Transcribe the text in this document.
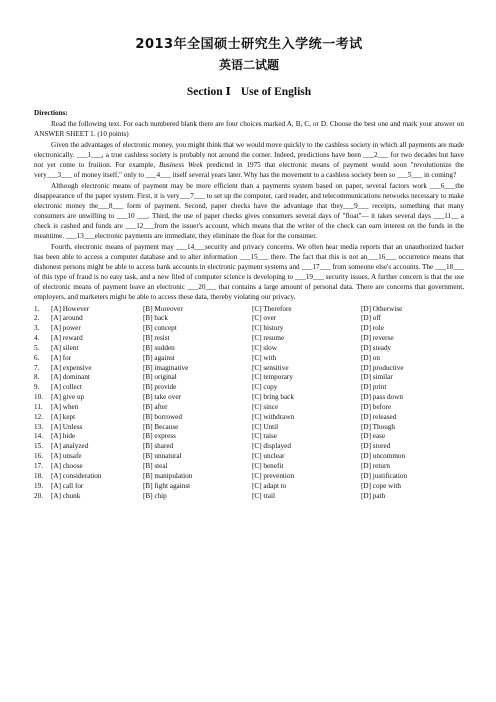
2013年全国硕士研究生入学统一考试
英语二试题
Section Ⅰ Use of English
Directions:

Read the following text. For each numbered blank there are four choices marked A, B, C, or D. Choose the best one and mark your answer on ANSWER SHEET 1. (10 points)

Given the advantages of electronic money, you might think that we would move quickly to the cashless society in which all payments are made electronically. ___1___, a true cashless society is probably not around the corner. Indeed, predictions have been ___2___ for two decades but have not yet come to fruition. For example, Business Week predicted in 1975 that electronic means of payment would soon "revolutionize the very___3___ of money itself," only to ___4___ itself several years later. Why has the movement to a cashless society been so ___5___ in coming?

Although electronic means of payment may be more efficient than a payments system based on paper, several factors work ___6___the disappearance of the paper system. First, it is very___7___ to set up the computer, card reader, and telecommunications networks necessary to make electronic money the___8___ form of payment. Second, paper checks have the advantage that they___9___ receipts, something that many consumers are unwilling to ___10 ___. Third, the use of paper checks gives consumers several days of "float"— it takes several days ___11__ a check is cashed and funds are ___12___from the issuer's account, which means that the writer of the check can earn interest on the funds in the meantime. ___13___electronic payments are immediate, they eliminate the float for the consumer.

Fourth, electronic means of payment may ___14___security and privacy concerns. We often hear media reports that an unauthorized hacker has been able to access a computer database and to alter information ___15___ there. The fact that this is not an___16___ occurrence means that dishonest persons might be able to access bank accounts in electronic payment systems and ___17___ from someone else's accounts. The ___18___ of this type of fraud is no easy task, and a new filed of computer science is developing to ___19___ security issues. A further concern is that the use of electronic means of payment leave an electronic ___20___ that contains a large amount of personal data. There are concerns that government, employers, and marketers might be able to access these data, thereby violating our privacy.

1.	[A] However	[B] Moreover	[C] Therefore	[D] Otherwise
2.	[A] around	[B] back	[C] over	[D] off
3.	[A] power	[B] concept	[C] history	[D] role
4.	[A] reward	[B] resist	[C] resume	[D] reverse
5.	[A] silent	[B] sudden	[C] slow	[D] steady
6.	[A] for	[B] against	[C] with	[D] on
7.	[A] expensive	[B] imaginative	[C] sensitive	[D] productive
8.	[A] dominant	[B] original	[C] temporary	[D] similar
9.	[A] collect	[B] provide	[C] copy	[D] print
10.	[A] give up	[B] take over	[C] bring back	[D] pass down
11.	[A] when	[B] after	[C] since	[D] before
12.	[A] kept	[B] borrowed	[C] withdrawn	[D] released
13.	[A] Unless	[B] Because	[C] Until	[D] Though
14.	[A] hide	[B] express	[C] raise	[D] ease
15.	[A] analyzed	[B] shared	[C] displayed	[D] stored
16.	[A] unsafe	[B] unnatural	[C] unclear	[D] uncommon
17.	[A] choose	[B] steal	[C] benefit	[D] return
18.	[A] consideration	[B] manipulation	[C] prevention	[D] justification
19.	[A] call for	[B] fight against	[C] adapt to	[D] cope with
20.	[A] chunk	[B] chip	[C] trail	[D] path
